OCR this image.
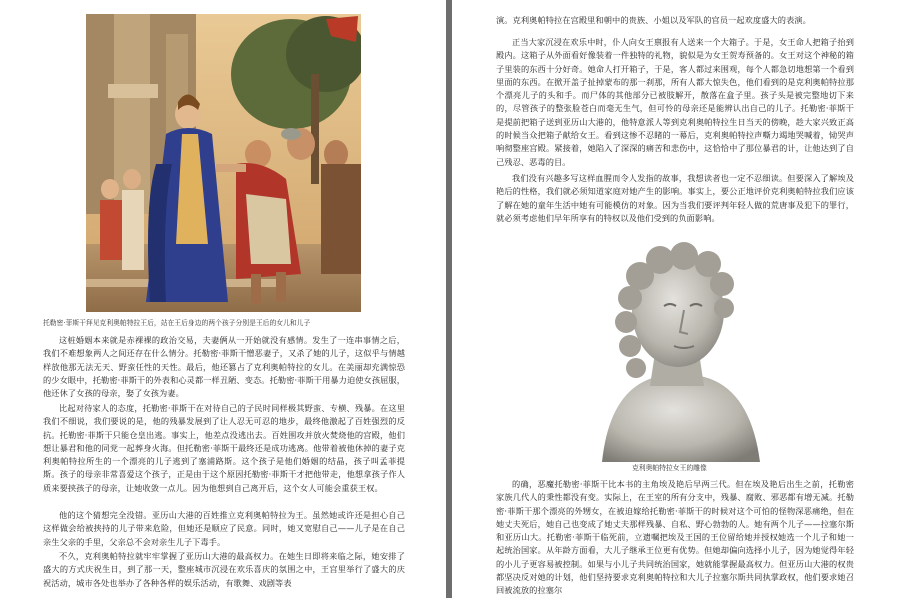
托勒密·菲斯干拜见克利奥帕特拉王后，站在王后身边的两个孩子分别是王后的女儿和儿子

这桩婚姻本来就是赤裸裸的政治交易，夫妻俩从一开始就没有感情。发生了一连串事情之后，我们不难想象两人之间还存在什么情分。托勒密·菲斯干憎恶妻子，又杀了她的儿子，这似乎与情越样放他那无法无天、野蛮任性的天性。最后，他还篡占了克利奥帕特拉的女儿。在美丽却充满惊恐的少女眼中，托勒密·菲斯干的外表和心灵都一样丑陋、变态。托勒密·菲斯干用暴力迫使女孩屈服，他还休了女孩的母亲，娶了女孩为妻。

比起对待家人的态度，托勒密·菲斯干在对待自己的子民时同样极其野蛮、专横、残暴。在这里我们不细说，我们要说的是，他的残暴发展到了让人忍无可忍的地步，最终他激起了百姓强烈的反抗。托勒密·菲斯干只能仓皇出逃。事实上，他差点没逃出去。百姓围攻并放火焚烧他的宫殿，他们想让暴君和他的同党一起葬身火海。但托勒密·菲斯干最终还是成功逃离。他带着被他休掉的妻子克利奥帕特拉所生的一个漂亮的儿子逃到了塞浦路斯。这个孩子是他们婚姻的结晶，孩子叫孟菲提斯。孩子的母亲非常喜爱这个孩子，正是由于这个原因托勒密·菲斯干才把他带走，他想拿孩子作人质来要挟孩子的母亲，让她收敛一点儿。因为他想到自己离开后，这个女人可能会重获王权。

他的这个猜想完全没错。亚历山大港的百姓推立克利奥帕特拉为王。虽然她或许还是担心自己这样做会给被挟持的儿子带来危险，但她还是顺应了民意。同时，她又宽慰自己——儿子是在自己亲生父亲的手里，父亲总不会对亲生儿子下毒手。

不久，克利奥帕特拉就牢牢掌握了亚历山大港的最高权力。在她生日即将来临之际，她安排了盛大的方式庆祝生日，到了那一天，整座城市沉浸在欢乐喜庆的氛围之中，王宫里举行了盛大的庆祝活动，城市各处也举办了各种各样的娱乐活动，有歌舞、戏剧等表

演。克利奥帕特拉在宫殿里和朝中的贵族、小姐以及军队的官员一起欢度盛大的表演。

正当大家沉浸在欢乐中时，仆人向女王禀报有人送来一个大箱子。于是，女王命人把箱子抬到殿内。这箱子从外面看好像装着一件独特的礼物，貌似是为女王贺寿预备的。女王对这个神秘的箱子里装的东西十分好奇。她命人打开箱子，于是，客人都过来围观，每个人都急切地想第一个看到里面的东西。在掀开盖子扯掉蒙布的那一刹那，所有人都大惊失色，他们看到的是克利奥帕特拉那个漂亮儿子的头和手。而尸体的其他部分已被肢解开，散落在盒子里。孩子头是被完整地切下来的，尽管孩子的整张脸苍白而毫无生气，但可怜的母亲还是能辨认出自己的儿子。托勒密·菲斯干是提前把箱子送到亚历山大港的，他特意派人等到克利奥帕特拉生日当天的傍晚，趁大家兴致正高的时候当众把箱子献给女王。看到这惨不忍睹的一幕后，克利奥帕特拉声嘶力竭地哭喊着，恸哭声响彻整座宫殿。紧接着，她陷入了深深的痛苦和悲伤中，这恰恰中了那位暴君的计，让他达到了自己残忍、恶毒的目。

我们没有兴趣多写这样血腥而令人发指的故事，我想读者也一定不忍细读。但要深入了解埃及艳后的性格，我们就必须知道家庭对她产生的影响。事实上，要公正地评价克利奥帕特拉我们应该了解在她的童年生活中她有可能模仿的对象。因为当我们要评判年轻人做的荒唐事及犯下的罪行，就必须考虑他们早年所享有的特权以及他们受到的负面影响。

克利奥帕特拉女王的雕像

的确，恶魔托勒密·菲斯干比本书的主角埃及艳后早两三代。但在埃及艳后出生之前，托勒密家族几代人的秉性都没有变。实际上，在王室的所有分支中，残暴、腐败、邪恶都有增无减。托勒密·菲斯干那个漂亮的外甥女，在被迫嫁给托勒密·菲斯干的时候对这个可怕的怪物深恶痛绝，但在她丈夫死后，她自己也变成了她丈夫那样残暴、自私、野心勃勃的人。她有两个儿子——拉塞尔斯和亚历山大。托勒密·菲斯干临死前，立遗嘱把埃及王国的王位留给她并授权她选一个儿子和她一起统治国家。从年龄方面看，大儿子继承王位更有优势。但她却偏向选择小儿子，因为她觉得年轻的小儿子更容易被控制。如果与小儿子共同统治国家，她就能掌握最高权力。但亚历山大港的权贵都坚决反对她的计划，他们坚持要求克利奥帕特拉和大儿子拉塞尔斯共同执掌政权，他们要求她召回被流放的拉塞尔
